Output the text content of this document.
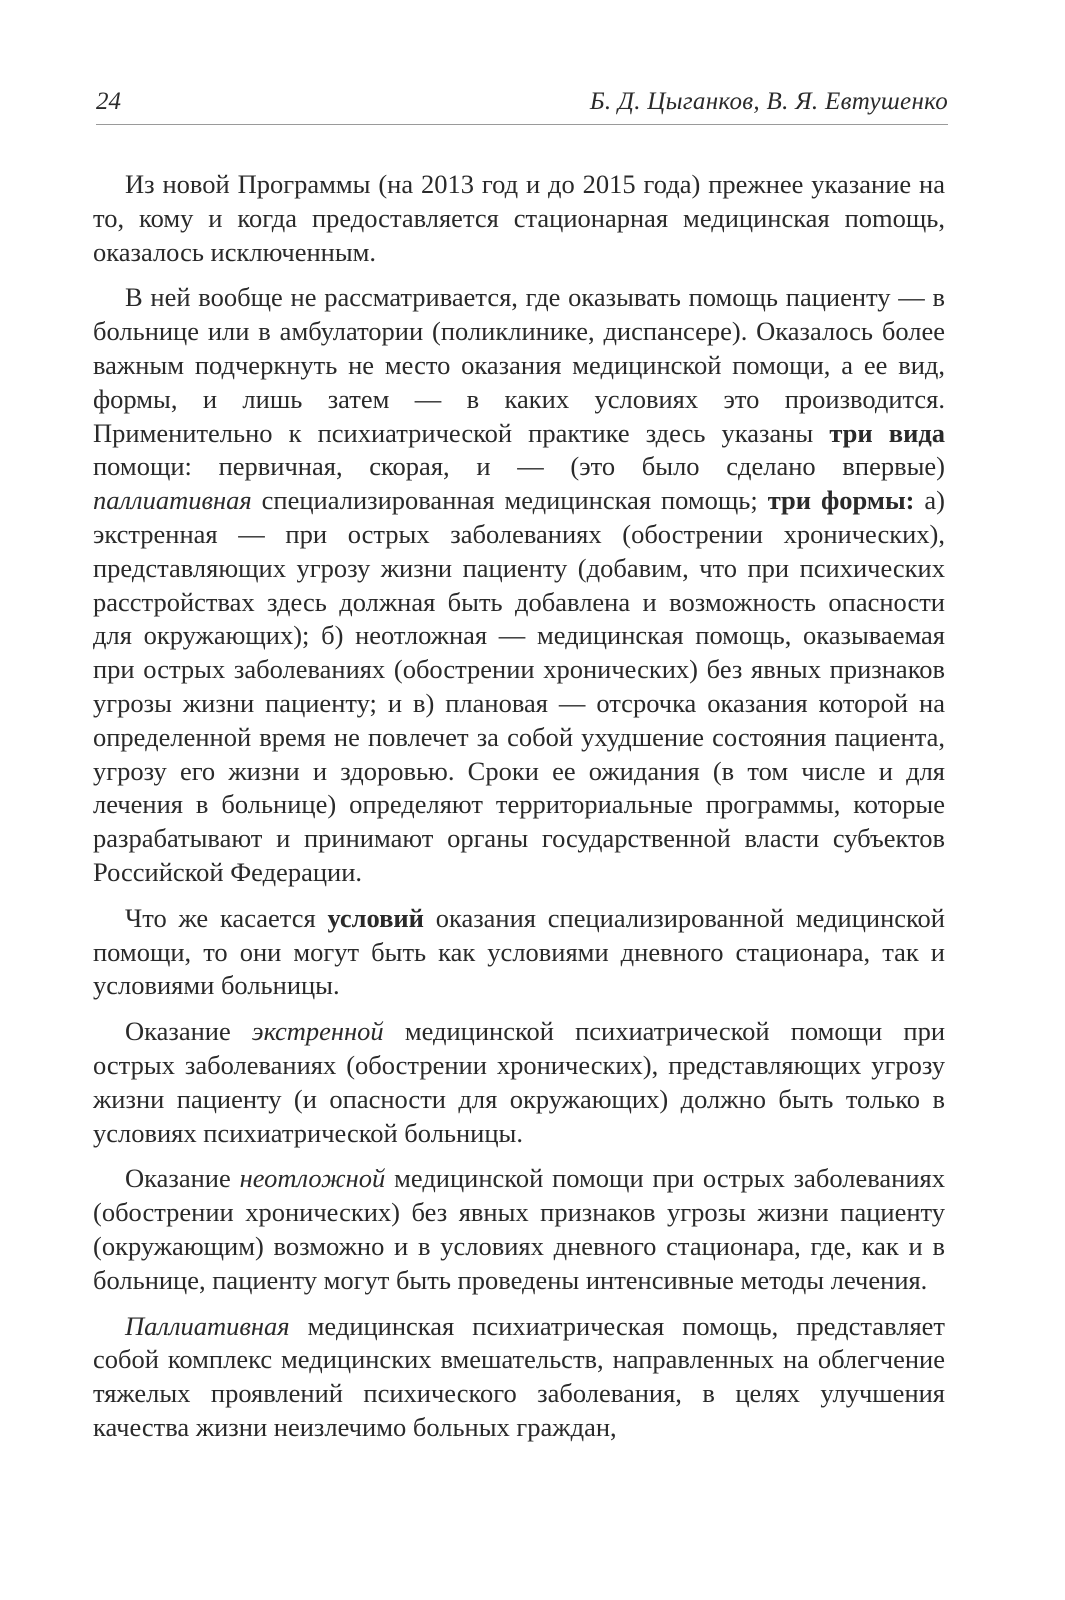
24	Б. Д. Цыганков, В. Я. Евтушенко

Из новой Программы (на 2013 год и до 2015 года) прежнее указание на то, кому и когда предоставляется стационарная медицинская поmощь, оказалось исключенным.

В ней вообще не рассматривается, где оказывать помощь пациенту — в больнице или в амбулатории (поликлинике, диспансере). Оказалось более важным подчеркнуть не место оказания медицинской помощи, а ее вид, формы, и лишь затем — в каких условиях это производится. Применительно к психиатрической практике здесь указаны три вида помощи: первичная, скорая, и — (это было сделано впервые) паллиативная специализированная медицинская помощь; три формы: а) экстренная — при острых заболеваниях (обострении хронических), представляющих угрозу жизни пациенту (добавим, что при психических расстройствах здесь должная быть добавлена и возможность опасности для окружающих); б) неотложная — медицинская помощь, оказываемая при острых заболеваниях (обострении хронических) без явных признаков угрозы жизни пациенту; и в) плановая — отсрочка оказания которой на определенной время не повлечет за собой ухудшение состояния пациента, угрозу его жизни и здоровью. Сроки ее ожидания (в том числе и для лечения в больнице) определяют территориальные программы, которые разрабатывают и принимают органы государственной власти субъектов Российской Федерации.

Что же касается условий оказания специализированной медицинской помощи, то они могут быть как условиями дневного стационара, так и условиями больницы.

Оказание экстренной медицинской психиатрической помощи при острых заболеваниях (обострении хронических), представляющих угрозу жизни пациенту (и опасности для окружающих) должно быть только в условиях психиатрической больницы.

Оказание неотложной медицинской помощи при острых заболеваниях (обострении хронических) без явных признаков угрозы жизни пациенту (окружающим) возможно и в условиях дневного стационара, где, как и в больнице, пациенту могут быть проведены интенсивные методы лечения.

Паллиативная медицинская психиатрическая помощь, представляет собой комплекс медицинских вмешательств, направленных на облегчение тяжелых проявлений психического заболевания, в целях улучшения качества жизни неизлечимо больных граждан,
